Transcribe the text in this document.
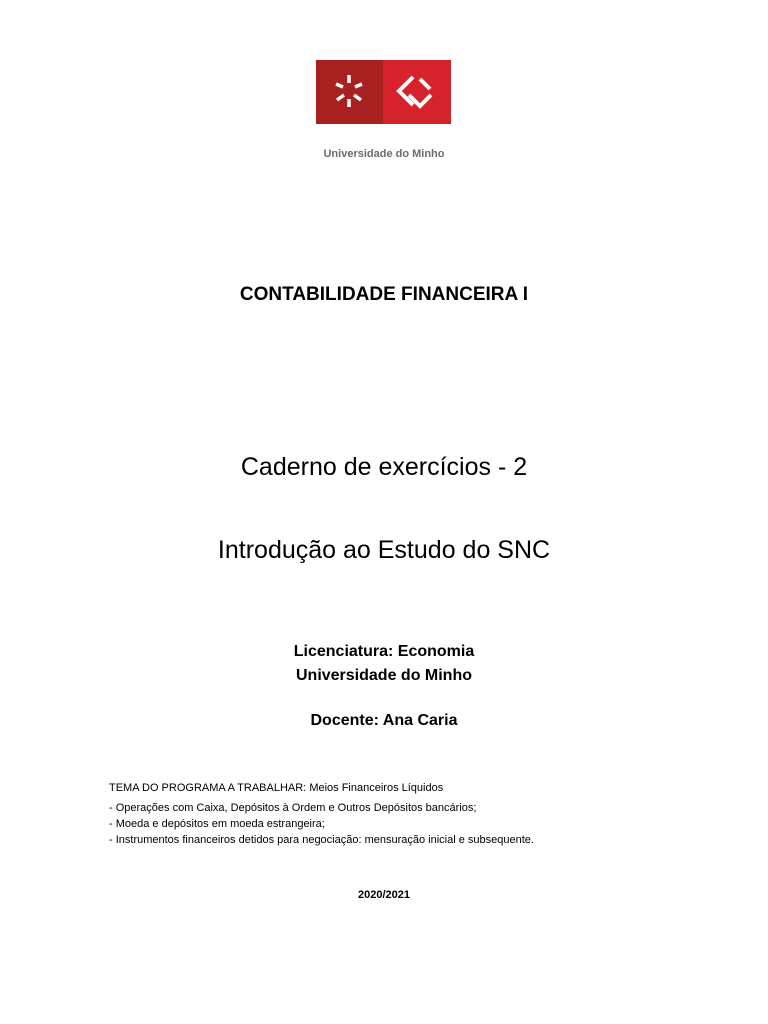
Universidade do Minho
CONTABILIDADE FINANCEIRA I
Caderno de exercícios - 2
Introdução ao Estudo do SNC
Licenciatura: Economia
Universidade do Minho
Docente: Ana Caria
TEMA DO PROGRAMA A TRABALHAR: Meios Financeiros Líquidos
- Operações com Caixa, Depósitos à Ordem e Outros Depósitos bancários;
- Moeda e depósitos em moeda estrangeira;
- Instrumentos financeiros detidos para negociação: mensuração inicial e subsequente.
2020/2021
